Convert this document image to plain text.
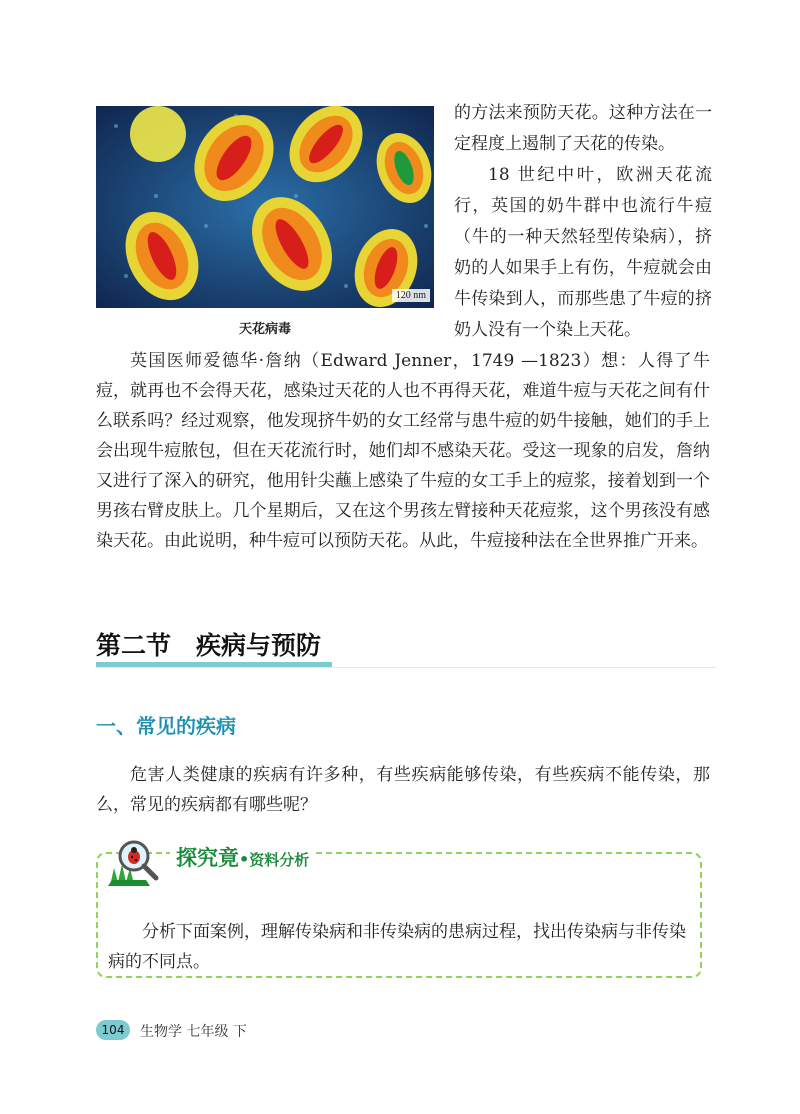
120 nm
天花病毒

的方法来预防天花。这种方法在一定程度上遏制了天花的传染。

18 世纪中叶，欧洲天花流行，英国的奶牛群中也流行牛痘（牛的一种天然轻型传染病），挤奶的人如果手上有伤，牛痘就会由牛传染到人，而那些患了牛痘的挤奶人没有一个染上天花。

英国医师爱德华·詹纳（Edward Jenner，1749 —1823）想：人得了牛痘，就再也不会得天花，感染过天花的人也不再得天花，难道牛痘与天花之间有什么联系吗？经过观察，他发现挤牛奶的女工经常与患牛痘的奶牛接触，她们的手上会出现牛痘脓包，但在天花流行时，她们却不感染天花。受这一现象的启发，詹纳又进行了深入的研究，他用针尖蘸上感染了牛痘的女工手上的痘浆，接着划到一个男孩右臂皮肤上。几个星期后，又在这个男孩左臂接种天花痘浆，这个男孩没有感染天花。由此说明，种牛痘可以预防天花。从此，牛痘接种法在全世界推广开来。

第二节　疾病与预防
一、常见的疾病

危害人类健康的疾病有许多种，有些疾病能够传染，有些疾病不能传染，那么，常见的疾病都有哪些呢？

探究竟•资料分析

分析下面案例，理解传染病和非传染病的患病过程，找出传染病与非传染病的不同点。

104	生物学 七年级 下
